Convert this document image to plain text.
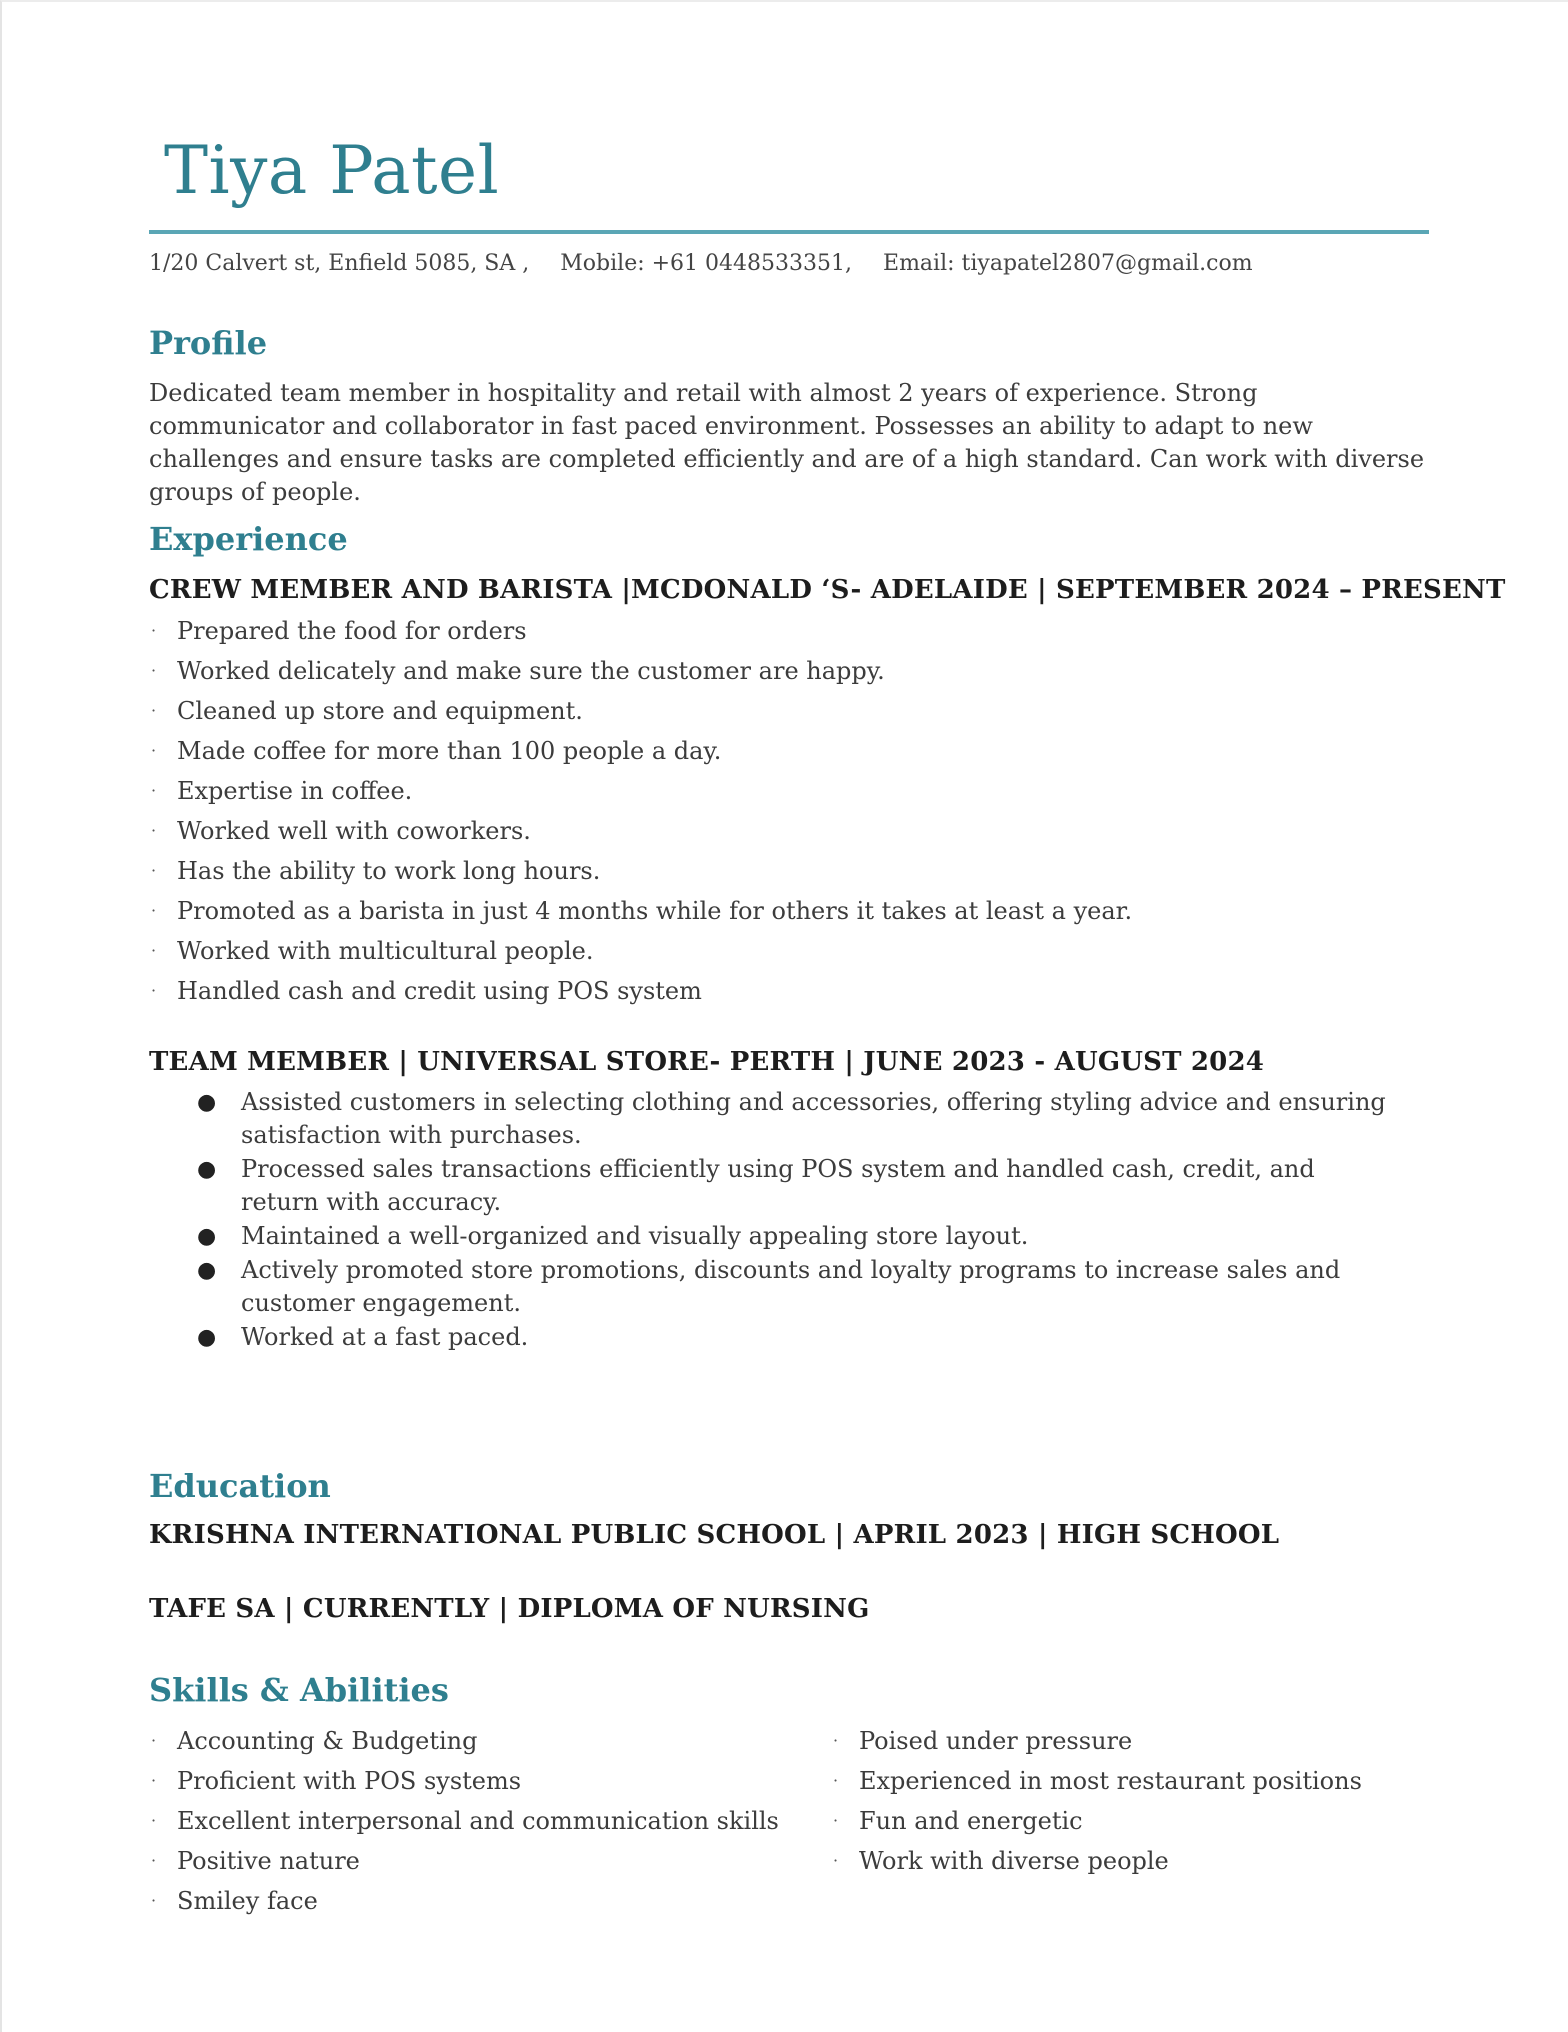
Tiya Patel
1/20 Calvert st, Enfield 5085, SA , Mobile: +61 0448533351, Email: tiyapatel2807@gmail.com
Profile
Dedicated team member in hospitality and retail with almost 2 years of experience. Strong communicator and collaborator in fast paced environment. Possesses an ability to adapt to new challenges and ensure tasks are completed efficiently and are of a high standard. Can work with diverse groups of people.
Experience
CREW MEMBER AND BARISTA |MCDONALD ‘S- ADELAIDE | SEPTEMBER 2024 – PRESENT
· Prepared the food for orders
· Worked delicately and make sure the customer are happy.
· Cleaned up store and equipment.
· Made coffee for more than 100 people a day.
· Expertise in coffee.
· Worked well with coworkers.
· Has the ability to work long hours.
· Promoted as a barista in just 4 months while for others it takes at least a year.
· Worked with multicultural people.
· Handled cash and credit using POS system
TEAM MEMBER | UNIVERSAL STORE- PERTH | JUNE 2023 - AUGUST 2024
● Assisted customers in selecting clothing and accessories, offering styling advice and ensuring satisfaction with purchases.
● Processed sales transactions efficiently using POS system and handled cash, credit, and return with accuracy.
● Maintained a well-organized and visually appealing store layout.
● Actively promoted store promotions, discounts and loyalty programs to increase sales and customer engagement.
● Worked at a fast paced.
Education
KRISHNA INTERNATIONAL PUBLIC SCHOOL | APRIL 2023 | HIGH SCHOOL
TAFE SA | CURRENTLY | DIPLOMA OF NURSING
Skills & Abilities
· Accounting & Budgeting
· Proficient with POS systems
· Excellent interpersonal and communication skills
· Positive nature
· Smiley face
· Poised under pressure
· Experienced in most restaurant positions
· Fun and energetic
· Work with diverse people
